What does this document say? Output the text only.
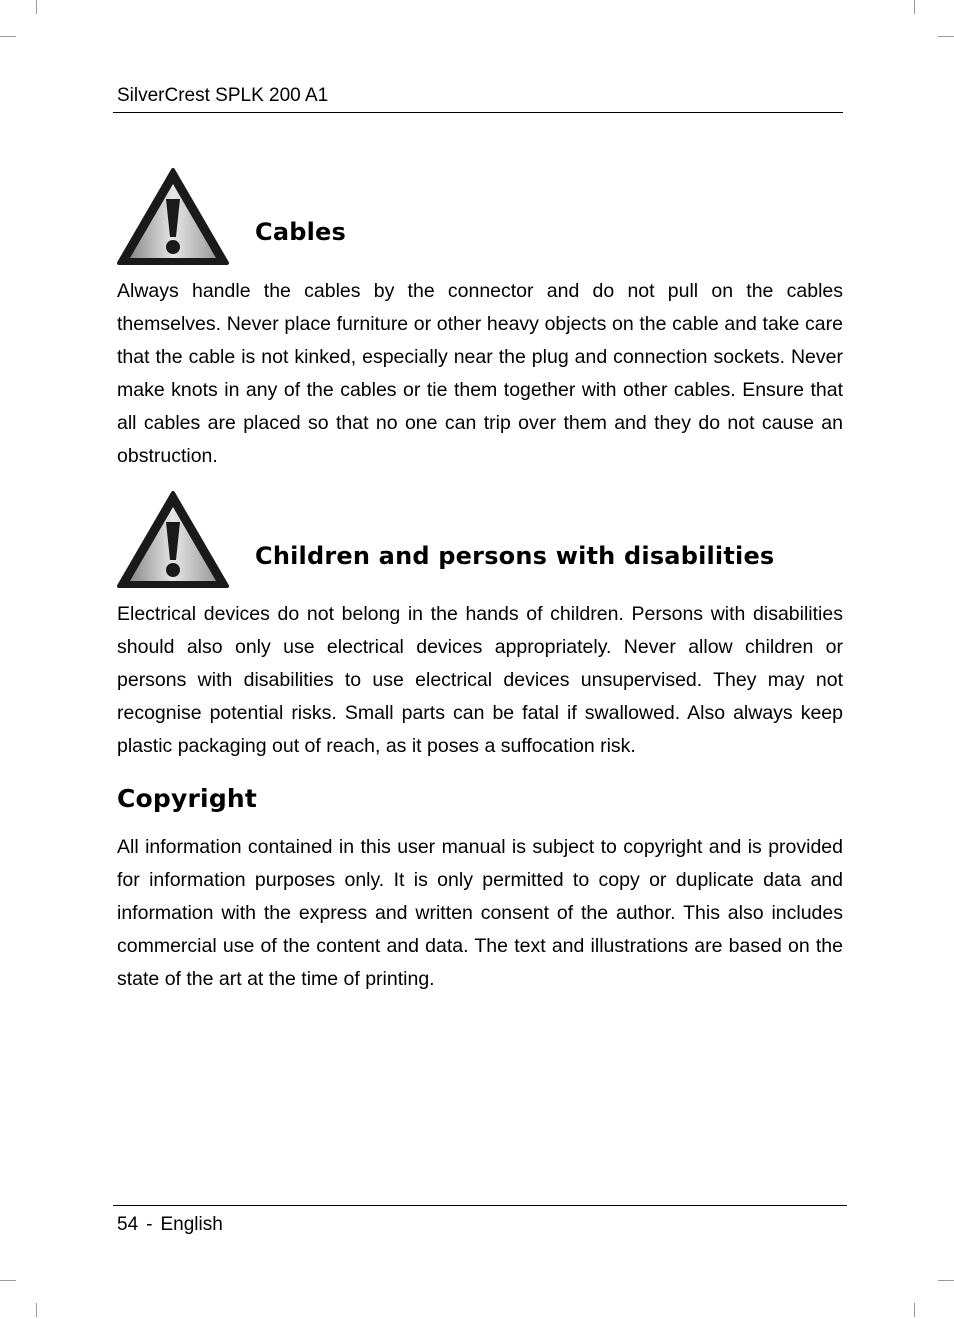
SilverCrest SPLK 200 A1
Cables

Always handle the cables by the connector and do not pull on the cables themselves. Never place furniture or other heavy objects on the cable and take care that the cable is not kinked, especially near the plug and connection sockets. Never make knots in any of the cables or tie them together with other cables. Ensure that all cables are placed so that no one can trip over them and they do not cause an obstruction.

Children and persons with disabilities

Electrical devices do not belong in the hands of children. Persons with disabilities should also only use electrical devices appropriately. Never allow children or persons with disabilities to use electrical devices unsupervised. They may not recognise potential risks. Small parts can be fatal if swallowed. Also always keep plastic packaging out of reach, as it poses a suffocation risk.

Copyright

All information contained in this user manual is subject to copyright and is provided for information purposes only. It is only permitted to copy or duplicate data and information with the express and written consent of the author. This also includes commercial use of the content and data. The text and illustrations are based on the state of the art at the time of printing.

54 - English
